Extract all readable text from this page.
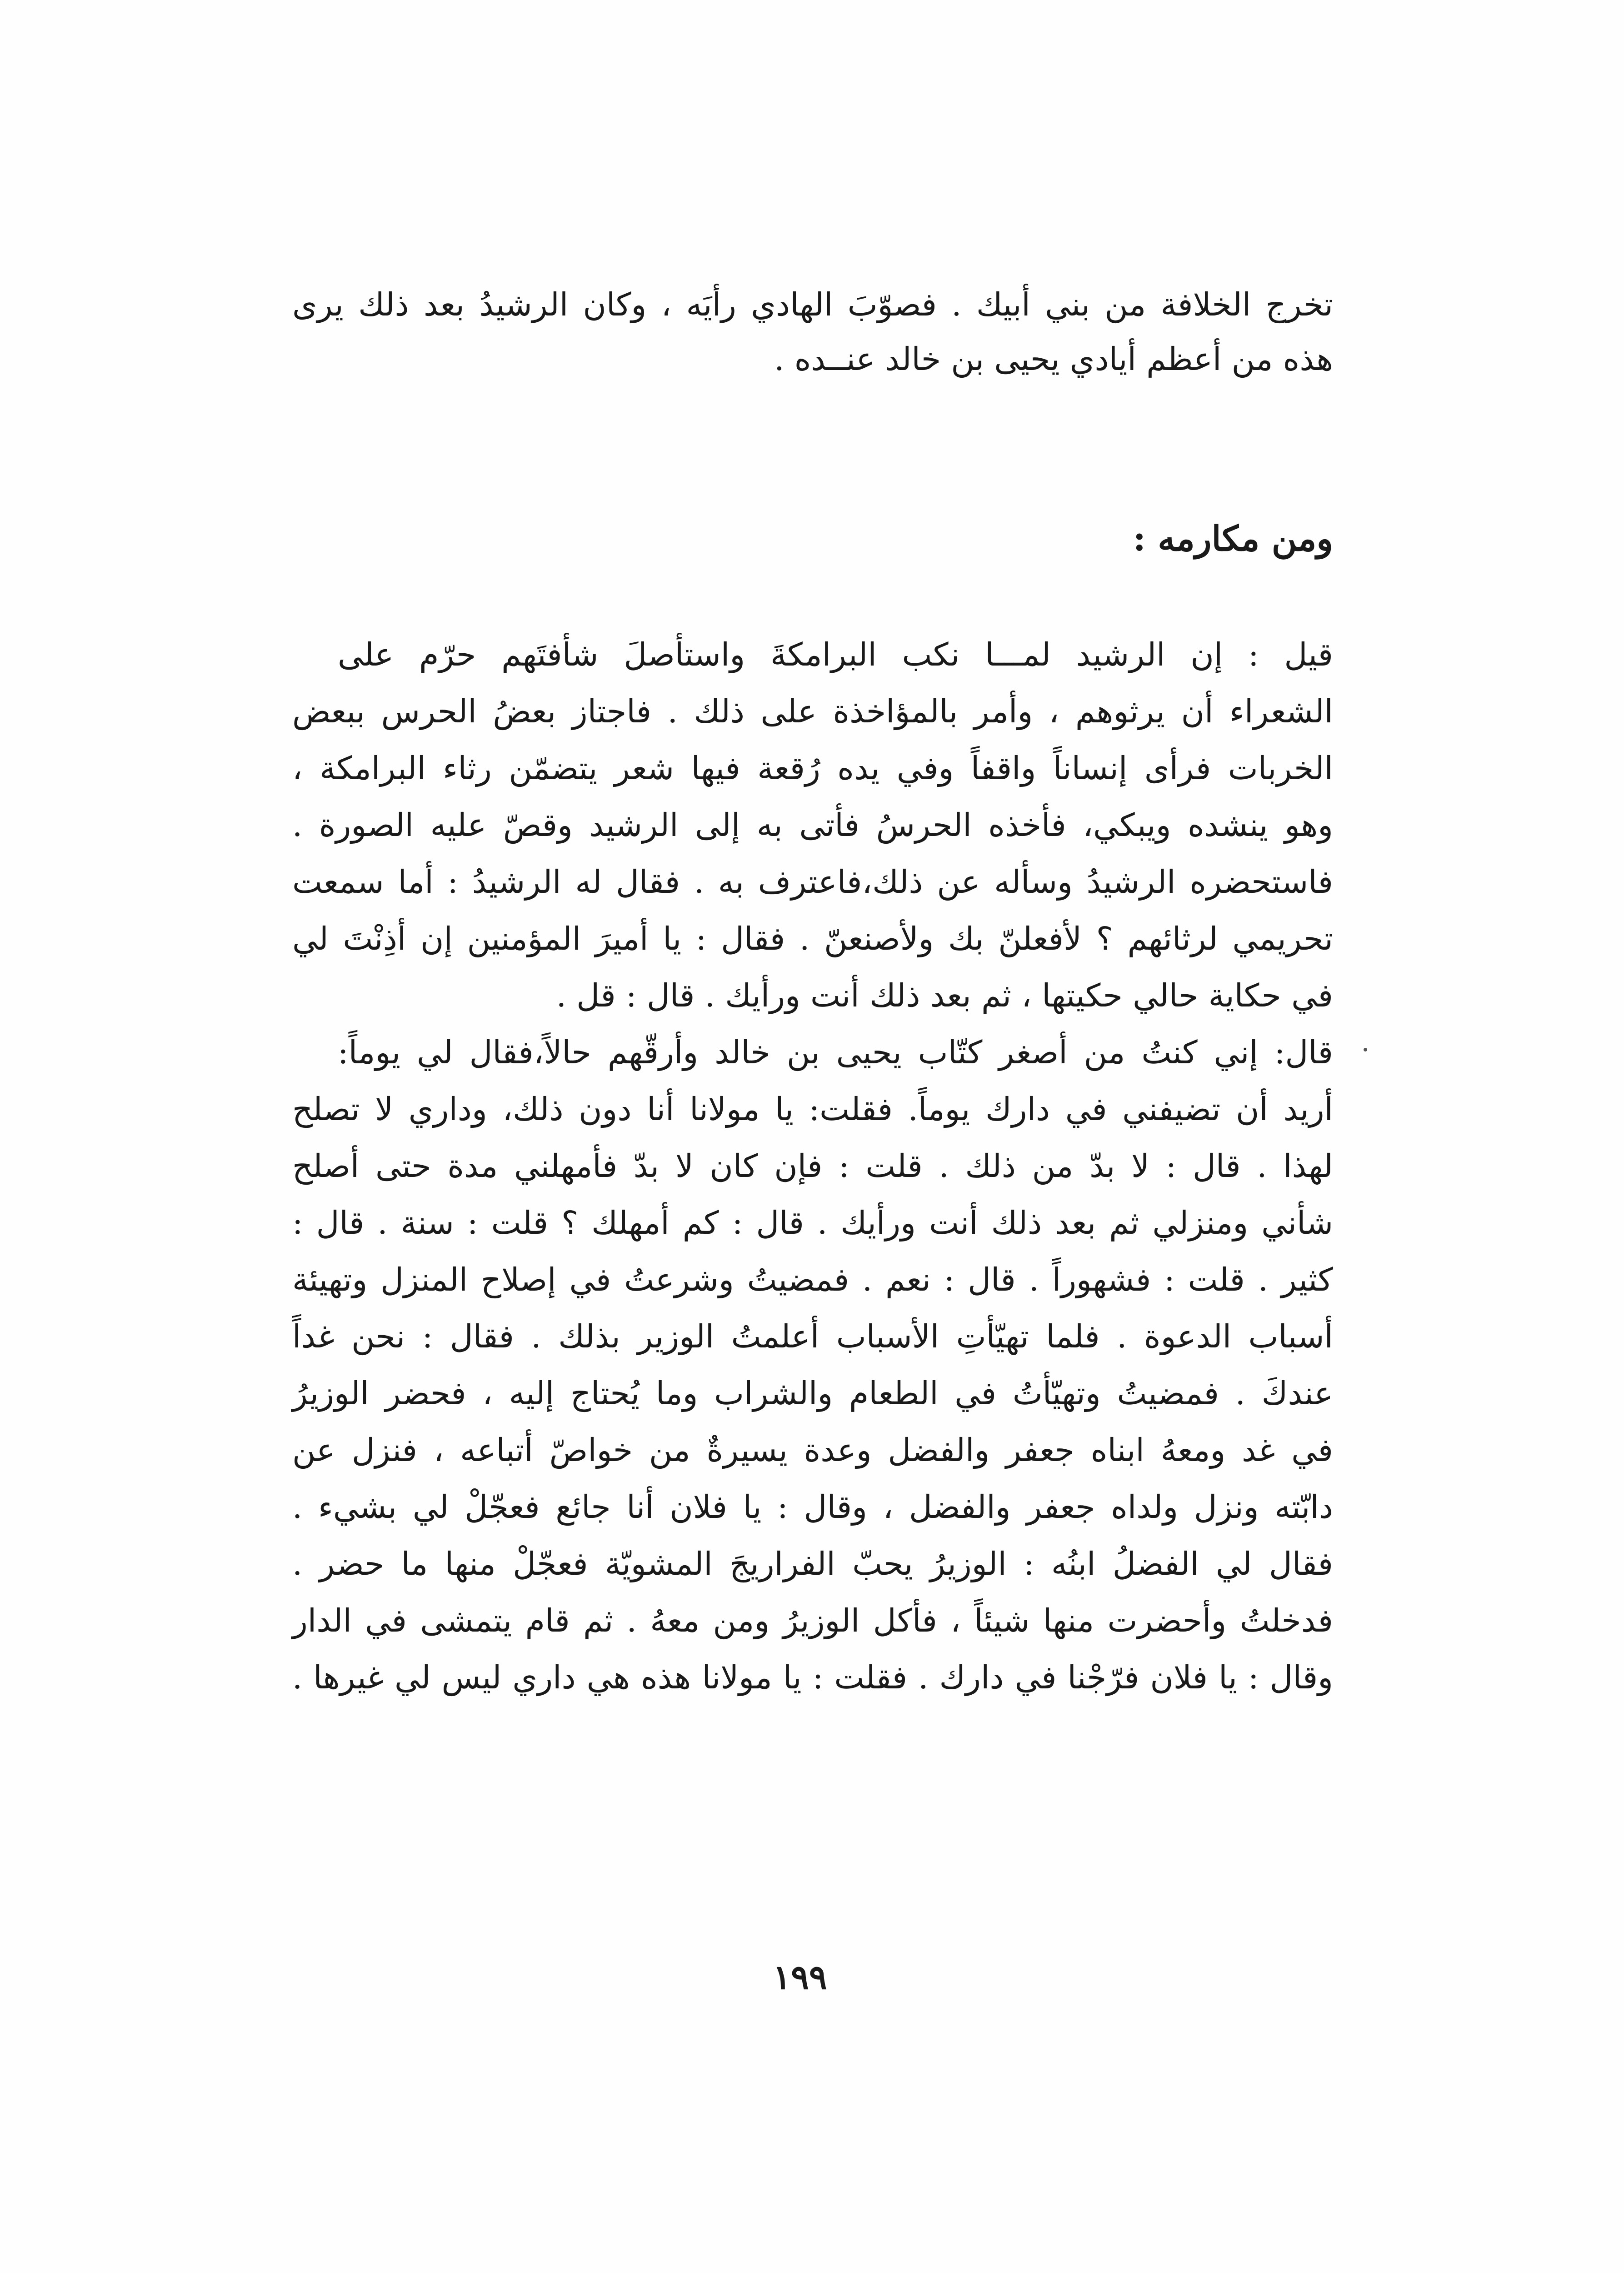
تخرج الخلافة من بني أبيك . فصوّبَ الهادي رأيَه ، وكان الرشيدُ بعد ذلك يرى
هذه من أعظم أيادي يحيى بن خالد عنــده .
ومن مكارمه :
قيل : إن الرشيد لمـــا نكب البرامكةَ واستأصلَ شأفتَهم حرّم على
الشعراء أن يرثوهم ، وأمر بالمؤاخذة على ذلك . فاجتاز بعضُ الحرس ببعض
الخربات فرأى إنساناً واقفاً وفي يده رُقعة فيها شعر يتضمّن رثاء البرامكة ،
وهو ينشده ويبكي، فأخذه الحرسُ فأتى به إلى الرشيد وقصّ عليه الصورة .
فاستحضره الرشيدُ وسأله عن ذلك،فاعترف به . فقال له الرشيدُ : أما سمعت
تحريمي لرثائهم ؟ لأفعلنّ بك ولأصنعنّ . فقال : يا أميرَ المؤمنين إن أذِنْتَ لي
في حكاية حالي حكيتها ، ثم بعد ذلك أنت ورأيك . قال : قل .
قال: إني كنتُ من أصغر كتّاب يحيى بن خالد وأرقّهم حالاً،فقال لي يوماً:
أريد أن تضيفني في دارك يوماً. فقلت: يا مولانا أنا دون ذلك، وداري لا تصلح
لهذا . قال : لا بدّ من ذلك . قلت : فإن كان لا بدّ فأمهلني مدة حتى أصلح
شأني ومنزلي ثم بعد ذلك أنت ورأيك . قال : كم أمهلك ؟ قلت : سنة . قال :
كثير . قلت : فشهوراً . قال : نعم . فمضيتُ وشرعتُ في إصلاح المنزل وتهيئة
أسباب الدعوة . فلما تهيّأتِ الأسباب أعلمتُ الوزير بذلك . فقال : نحن غداً
عندكَ . فمضيتُ وتهيّأتُ في الطعام والشراب وما يُحتاج إليه ، فحضر الوزيرُ
في غد ومعهُ ابناه جعفر والفضل وعدة يسيرةٌ من خواصّ أتباعه ، فنزل عن
دابّته ونزل ولداه جعفر والفضل ، وقال : يا فلان أنا جائع فعجّلْ لي بشيء .
فقال لي الفضلُ ابنُه : الوزيرُ يحبّ الفراريجَ المشويّة فعجّلْ منها ما حضر .
فدخلتُ وأحضرت منها شيئاً ، فأكل الوزيرُ ومن معهُ . ثم قام يتمشى في الدار
وقال : يا فلان فرّجْنا في دارك . فقلت : يا مولانا هذه هي داري ليس لي غيرها .
١٩٩
